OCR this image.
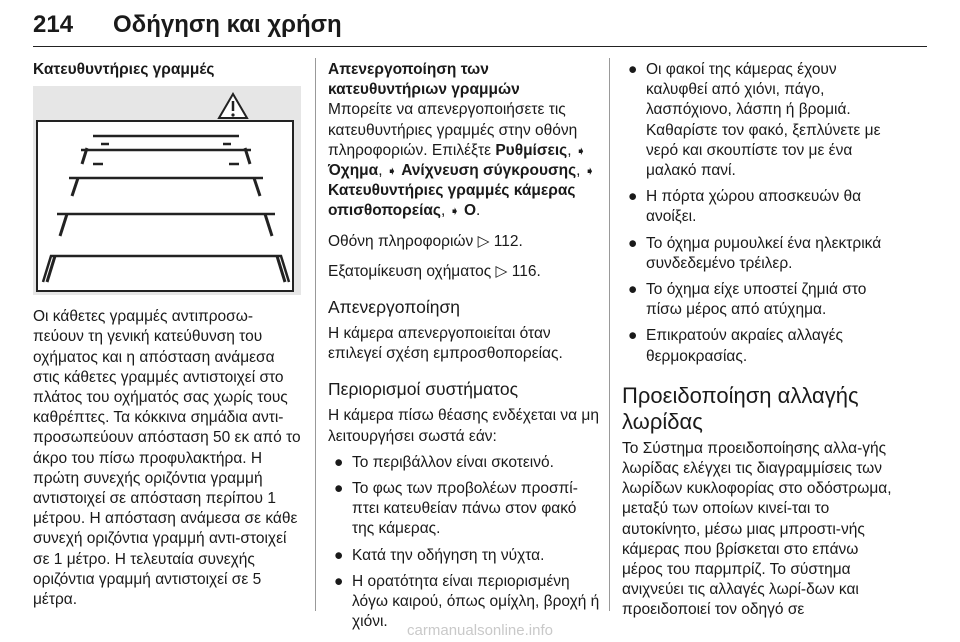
214 Οδήγηση και χρήση
Κατευθυντήριες γραμμές

Οι κάθετες γραμμές αντιπροσω-πεύουν τη γενική κατεύθυνση του οχήματος και η απόσταση ανάμεσα στις κάθετες γραμμές αντιστοιχεί στο πλάτος του οχήματός σας χωρίς τους καθρέπτες. Τα κόκκινα σημάδια αντι-προσωπεύουν απόσταση 50 εκ από το άκρο του πίσω προφυλακτήρα. Η πρώτη συνεχής οριζόντια γραμμή αντιστοιχεί σε απόσταση περίπου 1 μέτρου. Η απόσταση ανάμεσα σε κάθε συνεχή οριζόντια γραμμή αντι-στοιχεί σε 1 μέτρο. Η τελευταία συνεχής οριζόντια γραμμή αντιστοιχεί σε 5 μέτρα.

Απενεργοποίηση των κατευθυντήριων γραμμών

Μπορείτε να απενεργοποιήσετε τις κατευθυντήριες γραμμές στην οθόνη πληροφοριών. Επιλέξτε Ρυθμίσεις, ➧ Όχημα, ➧ Ανίχνευση σύγκρουσης, ➧ Κατευθυντήριες γραμμές κάμερας οπισθοπορείας, ➧ Ο.

Οθόνη πληροφοριών ▷ 112.

Εξατομίκευση οχήματος ▷ 116.

Απενεργοποίηση

Η κάμερα απενεργοποιείται όταν επιλεγεί σχέση εμπροσθοπορείας.

Περιορισμοί συστήματος

Η κάμερα πίσω θέασης ενδέχεται να μη λειτουργήσει σωστά εάν:

● Το περιβάλλον είναι σκοτεινό.
● Το φως των προβολέων προσπί-πτει κατευθείαν πάνω στον φακό της κάμερας.
● Κατά την οδήγηση τη νύχτα.
● Η ορατότητα είναι περιορισμένη λόγω καιρού, όπως ομίχλη, βροχή ή χιόνι.
● Οι φακοί της κάμερας έχουν καλυφθεί από χιόνι, πάγο, λασπόχιονο, λάσπη ή βρομιά. Καθαρίστε τον φακό, ξεπλύνετε με νερό και σκουπίστε τον με ένα μαλακό πανί.
● Η πόρτα χώρου αποσκευών θα ανοίξει.
● Το όχημα ρυμουλκεί ένα ηλεκτρικά συνδεδεμένο τρέιλερ.
● Το όχημα είχε υποστεί ζημιά στο πίσω μέρος από ατύχημα.
● Επικρατούν ακραίες αλλαγές θερμοκρασίας.
Προειδοποίηση αλλαγής λωρίδας

Το Σύστημα προειδοποίησης αλλα-γής λωρίδας ελέγχει τις διαγραμμίσεις των λωρίδων κυκλοφορίας στο οδόστρωμα, μεταξύ των οποίων κινεί-ται το αυτοκίνητο, μέσω μιας μπροστι-νής κάμερας που βρίσκεται στο επάνω μέρος του παρμπρίζ. Το σύστημα ανιχνεύει τις αλλαγές λωρί-δων και προειδοποιεί τον οδηγό σε

carmanualsonline.info
